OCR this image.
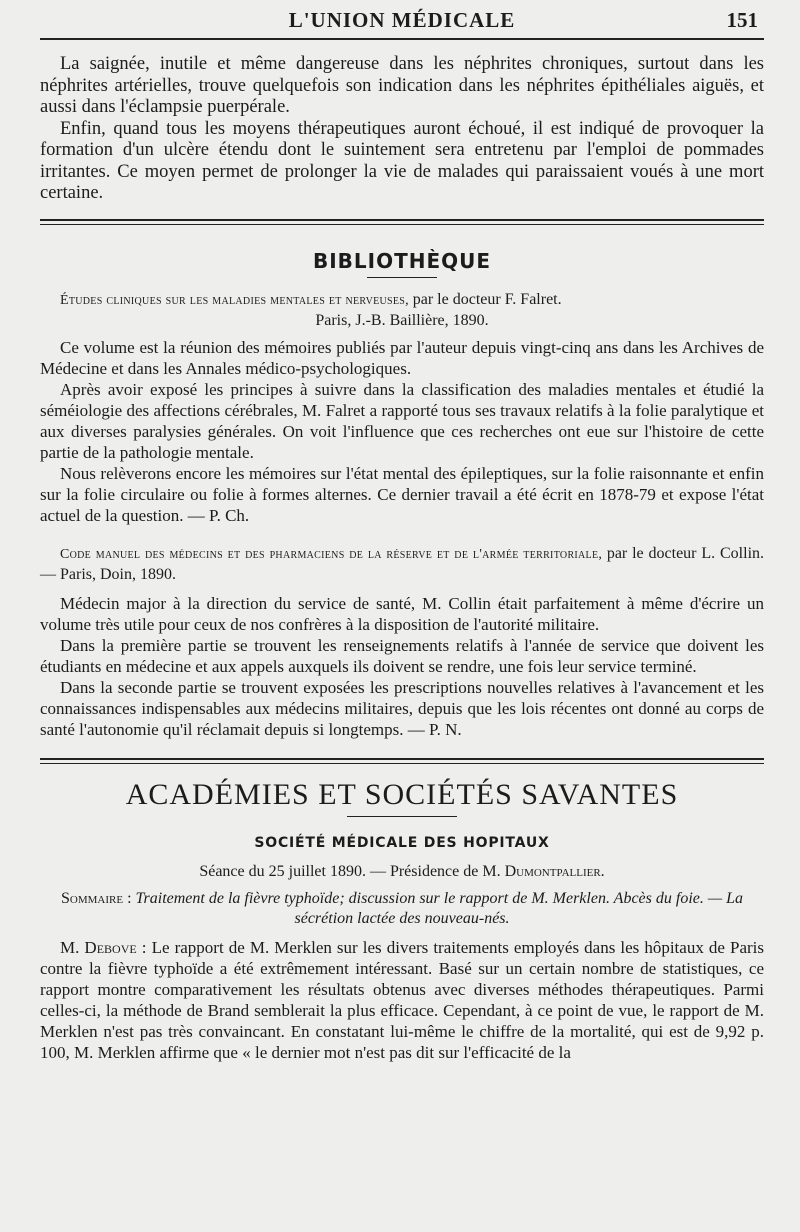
L'UNION MÉDICALE	151

La saignée, inutile et même dangereuse dans les néphrites chroniques, surtout dans les néphrites artérielles, trouve quelquefois son indication dans les néphrites épithéliales aiguës, et aussi dans l'éclampsie puerpérale.

Enfin, quand tous les moyens thérapeutiques auront échoué, il est indiqué de provoquer la formation d'un ulcère étendu dont le suintement sera entretenu par l'emploi de pommades irritantes. Ce moyen permet de prolonger la vie de malades qui paraissaient voués à une mort certaine.

BIBLIOTHÈQUE
Études cliniques sur les maladies mentales et nerveuses, par le docteur F. Falret.
Paris, J.-B. Baillière, 1890.

Ce volume est la réunion des mémoires publiés par l'auteur depuis vingt-cinq ans dans les Archives de Médecine et dans les Annales médico-psychologiques.

Après avoir exposé les principes à suivre dans la classification des maladies mentales et étudié la séméiologie des affections cérébrales, M. Falret a rapporté tous ses travaux relatifs à la folie paralytique et aux diverses paralysies générales. On voit l'influence que ces recherches ont eue sur l'histoire de cette partie de la pathologie mentale.

Nous relèverons encore les mémoires sur l'état mental des épileptiques, sur la folie raisonnante et enfin sur la folie circulaire ou folie à formes alternes. Ce dernier travail a été écrit en 1878-79 et expose l'état actuel de la question. — P. Ch.

Code manuel des médecins et des pharmaciens de la réserve et de l'armée territoriale, par le docteur L. Collin. — Paris, Doin, 1890.

Médecin major à la direction du service de santé, M. Collin était parfaitement à même d'écrire un volume très utile pour ceux de nos confrères à la disposition de l'autorité militaire.

Dans la première partie se trouvent les renseignements relatifs à l'année de service que doivent les étudiants en médecine et aux appels auxquels ils doivent se rendre, une fois leur service terminé.

Dans la seconde partie se trouvent exposées les prescriptions nouvelles relatives à l'avancement et les connaissances indispensables aux médecins militaires, depuis que les lois récentes ont donné au corps de santé l'autonomie qu'il réclamait depuis si longtemps. — P. N.

ACADÉMIES ET SOCIÉTÉS SAVANTES
SOCIÉTÉ MÉDICALE DES HOPITAUX
Séance du 25 juillet 1890. — Présidence de M. Dumontpallier.
Sommaire : Traitement de la fièvre typhoïde; discussion sur le rapport de M. Merklen. Abcès du foie. — La sécrétion lactée des nouveau-nés.

M. Debove : Le rapport de M. Merklen sur les divers traitements employés dans les hôpitaux de Paris contre la fièvre typhoïde a été extrêmement intéressant. Basé sur un certain nombre de statistiques, ce rapport montre comparativement les résultats obtenus avec diverses méthodes thérapeutiques. Parmi celles-ci, la méthode de Brand semblerait la plus efficace. Cependant, à ce point de vue, le rapport de M. Merklen n'est pas très convaincant. En constatant lui-même le chiffre de la mortalité, qui est de 9,92 p. 100, M. Merklen affirme que « le dernier mot n'est pas dit sur l'efficacité de la
